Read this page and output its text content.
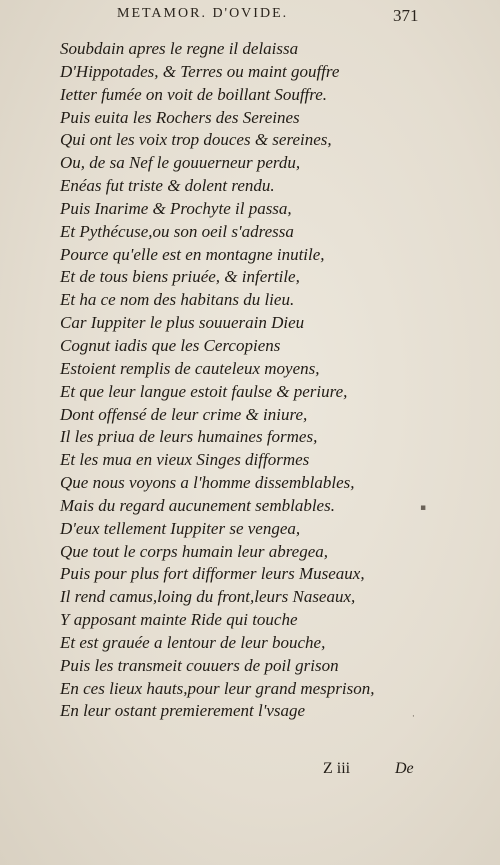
METAMOR. D'OVIDE.	371
Soubdain apres le regne il delaissa
D'Hippotades, & Terres ou maint gouffre
Ietter fumée on voit de boillant Souffre.
Puis euita les Rochers des Sereines
Qui ont les voix trop douces & sereines,
Ou, de sa Nef le gouuerneur perdu,
Enéas fut triste & dolent rendu.
Puis Inarime & Prochyte il passa,
Et Pythécuse,ou son oeil s'adressa
Pource qu'elle est en montagne inutile,
Et de tous biens priuée, & infertile,
Et ha ce nom des habitans du lieu.
Car Iuppiter le plus souuerain Dieu
Cognut iadis que les Cercopiens
Estoient remplis de cauteleux moyens,
Et que leur langue estoit faulse & periure,
Dont offensé de leur crime & iniure,
Il les priua de leurs humaines formes,
Et les mua en vieux Singes difformes
Que nous voyons a l'homme dissemblables,
Mais du regard aucunement semblables.
D'eux tellement Iuppiter se vengea,
Que tout le corps humain leur abregea,
Puis pour plus fort difformer leurs Museaux,
Il rend camus,loing du front,leurs Naseaux,
Y apposant mainte Ride qui touche
Et est grauée a lentour de leur bouche,
Puis les transmeit couuers de poil grison
En ces lieux hauts,pour leur grand mesprison,
En leur ostant premierement l'vsage
▪
·
Z iii	De
